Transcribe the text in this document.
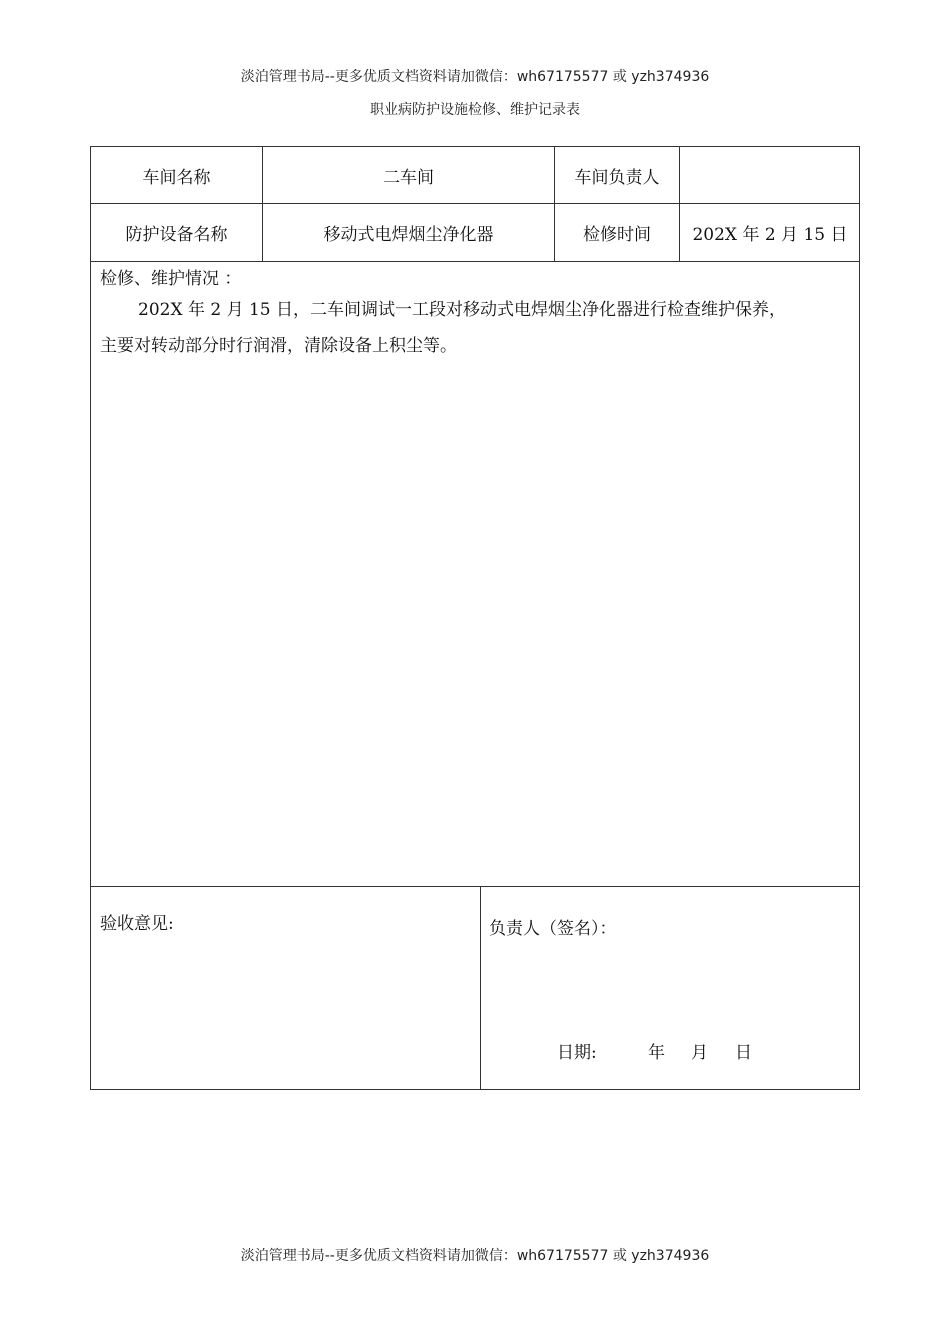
淡泊管理书局--更多优质文档资料请加微信：wh67175577 或 yzh374936
职业病防护设施检修、维护记录表
车间名称	二车间	车间负责人
防护设备名称	移动式电焊烟尘净化器	检修时间	202X 年 2 月 15 日
检修、维护情况 ：
202X 年 2 月 15 日，二车间调试一工段对移动式电焊烟尘净化器进行检查维护保养，
主要对转动部分时行润滑，清除设备上积尘等。
验收意见:	负责人（签名）：
日期:	年 月 日
淡泊管理书局--更多优质文档资料请加微信：wh67175577 或 yzh374936
